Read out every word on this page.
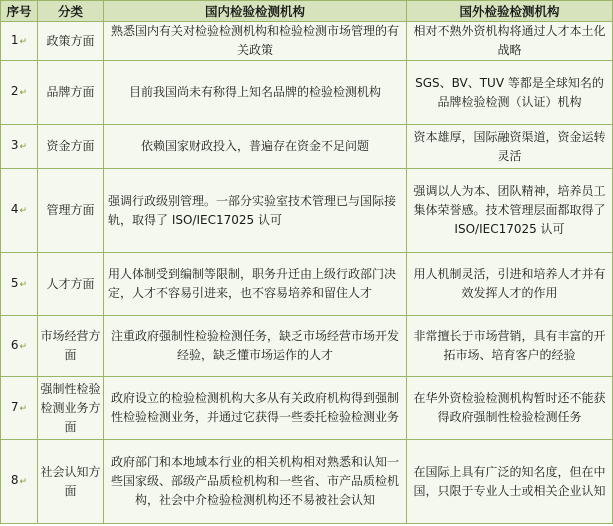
序号	分类	国内检验检测机构	国外检验检测机构
1↵	政策方面	熟悉国内有关对检验检测机构和检验检测市场管理的有关政策	相对不熟外资机构将通过人才本土化战略
2↵	品牌方面	目前我国尚未有称得上知名品牌的检验检测机构	SGS、BV、TUV 等都是全球知名的品牌检验检测（认证）机构
3↵	资金方面	依赖国家财政投入，普遍存在资金不足问题	资本雄厚，国际融资渠道，资金运转灵活
4↵	管理方面	强调行政级别管理。一部分实验室技术管理已与国际接轨，取得了 ISO/IEC17025 认可	强调以人为本、团队精神，培养员工集体荣誉感。技术管理层面都取得了 ISO/IEC17025 认可
5↵	人才方面	用人体制受到编制等限制，职务升迁由上级行政部门决定，人才不容易引进来，也不容易培养和留住人才	用人机制灵活，引进和培养人才并有效发挥人才的作用
6↵	市场经营方面	注重政府强制性检验检测任务，缺乏市场经营市场开发经验，缺乏懂市场运作的人才	非常擅长于市场营销，具有丰富的开拓市场、培育客户的经验
7↵	强制性检验检测业务方面	政府设立的检验检测机构大多从有关政府机构得到强制性检验检测业务，并通过它获得一些委托检验检测业务	在华外资检验检测机构暂时还不能获得政府强制性检验检测任务
8↵	社会认知方面	政府部门和本地域本行业的相关机构相对熟悉和认知一些国家级、部级产品质检机构和一些省、市产品质检机构，社会中介检验检测机构还不易被社会认知	在国际上具有广泛的知名度，但在中国，只限于专业人士或相关企业认知
